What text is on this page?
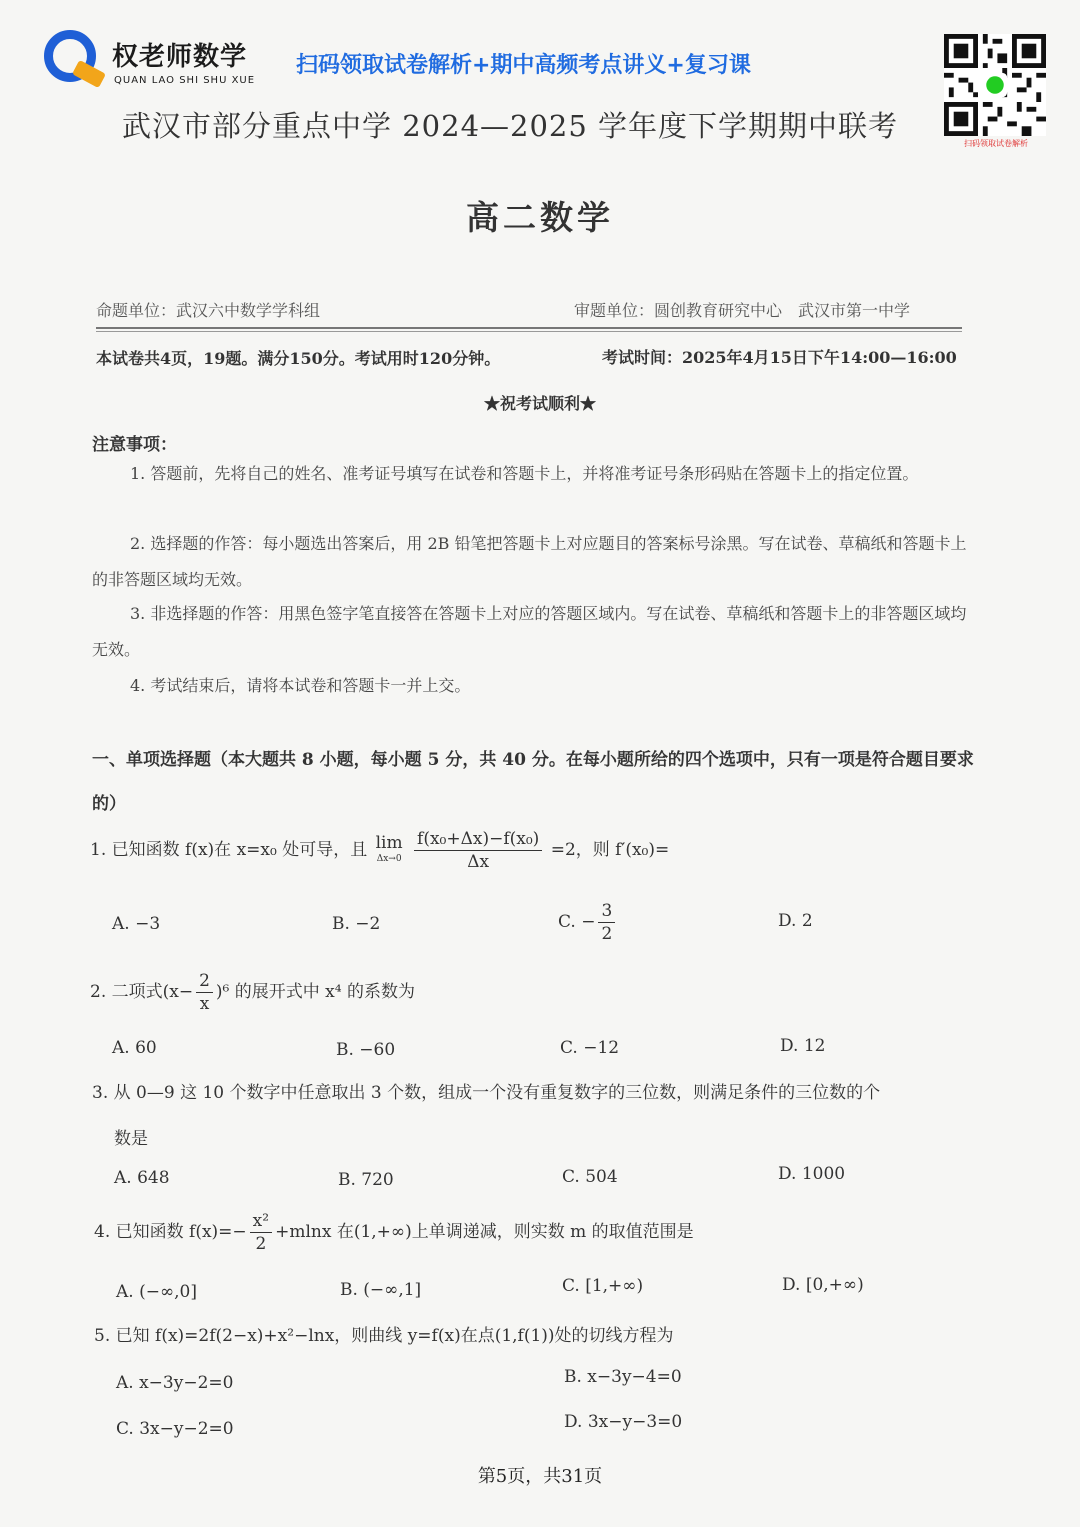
权老师数学
QUAN LAO SHI SHU XUE
扫码领取试卷解析+期中高频考点讲义+复习课
扫码领取试卷解析
武汉市部分重点中学 2024—2025 学年度下学期期中联考
高二数学
命题单位：武汉六中数学学科组	审题单位：圆创教育研究中心　武汉市第一中学
本试卷共4页，19题。满分150分。考试用时120分钟。	考试时间：2025年4月15日下午14:00—16:00
★祝考试顺利★
注意事项：
1. 答题前，先将自己的姓名、准考证号填写在试卷和答题卡上，并将准考证号条形码贴在答题卡上的指定位置。
2. 选择题的作答：每小题选出答案后，用 2B 铅笔把答题卡上对应题目的答案标号涂黑。写在试卷、草稿纸和答题卡上的非答题区域均无效。
3. 非选择题的作答：用黑色签字笔直接答在答题卡上对应的答题区域内。写在试卷、草稿纸和答题卡上的非答题区域均无效。
4. 考试结束后，请将本试卷和答题卡一并上交。
一、单项选择题（本大题共 8 小题，每小题 5 分，共 40 分。在每小题所给的四个选项中，只有一项是符合题目要求的）
1. 已知函数 f(x)在 x=x₀ 处可导，且 lim
Δx→0
$\frac{\text{f(x₀+Δx)−f(x₀)}}{\Delta x} =2$，则 f′(x₀)=
A. −3	B. −2	C. − $\frac{3}{2}$	D. 2
2. 二项式$(x- \frac{2}{x} )^6$ 的展开式中 x⁴ 的系数为
A. 60	B. −60	C. −12	D. 12
3. 从 0—9 这 10 个数字中任意取出 3 个数，组成一个没有重复数字的三位数，则满足条件的三位数的个
数是
A. 648	B. 720	C. 504	D. 1000
4. 已知函数 $f(x)=- \frac{\text{x²}}{2} +mlnx$ 在(1,+∞)上单调递减，则实数 m 的取值范围是
A. (−∞,0]	B. (−∞,1]	C. [1,+∞)	D. [0,+∞)
5. 已知 f(x)=2f(2−x)+x²−lnx，则曲线 y=f(x)在点(1,f(1))处的切线方程为
A. x−3y−2=0	B. x−3y−4=0
C. 3x−y−2=0	D. 3x−y−3=0
第5页，共31页
